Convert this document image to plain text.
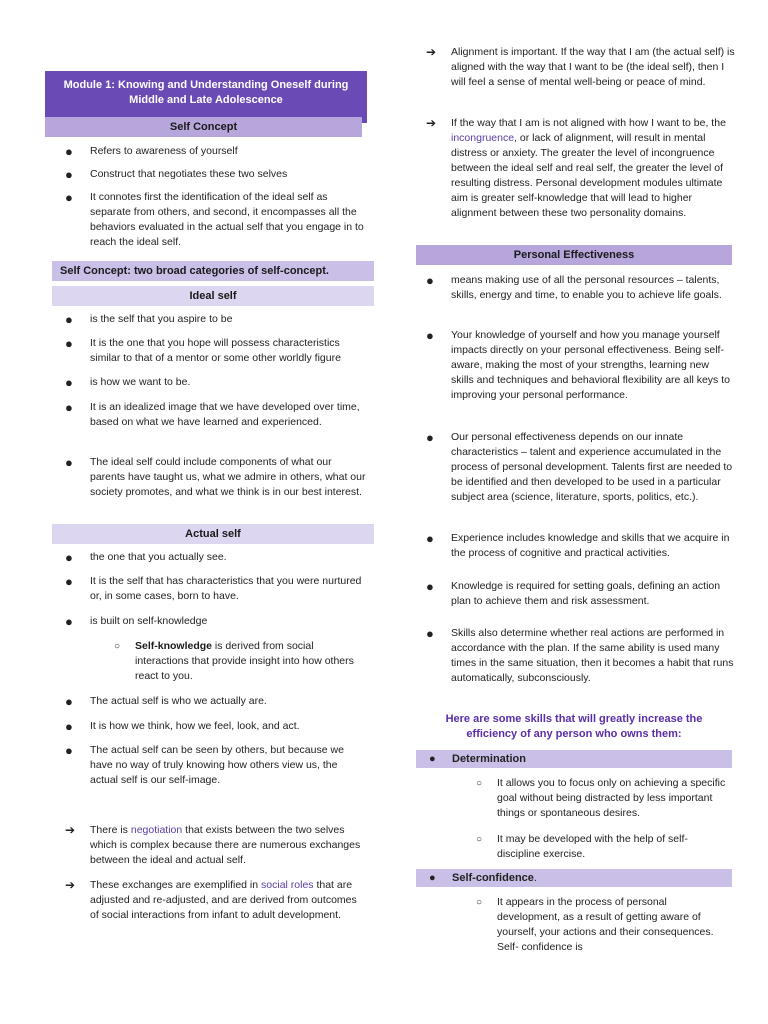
Module 1: Knowing and Understanding Oneself during Middle and Late Adolescence
Self Concept
● Refers to awareness of yourself
● Construct that negotiates these two selves
● It connotes first the identification of the ideal self as separate from others, and second, it encompasses all the behaviors evaluated in the actual self that you engage in to reach the ideal self.
Self Concept: two broad categories of self-concept.
Ideal self
● is the self that you aspire to be
● It is the one that you hope will possess characteristics similar to that of a mentor or some other worldly figure
● is how we want to be.
● It is an idealized image that we have developed over time, based on what we have learned and experienced.
● The ideal self could include components of what our parents have taught us, what we admire in others, what our society promotes, and what we think is in our best interest.
Actual self
● the one that you actually see.
● It is the self that has characteristics that you were nurtured or, in some cases, born to have.
● is built on self-knowledge
○ Self-knowledge is derived from social interactions that provide insight into how others react to you.
● The actual self is who we actually are.
● It is how we think, how we feel, look, and act.
● The actual self can be seen by others, but because we have no way of truly knowing how others view us, the actual self is our self-image.
➔ There is negotiation that exists between the two selves which is complex because there are numerous exchanges between the ideal and actual self.
➔ These exchanges are exemplified in social roles that are adjusted and re-adjusted, and are derived from outcomes of social interactions from infant to adult development.
➔ Alignment is important. If the way that I am (the actual self) is aligned with the way that I want to be (the ideal self), then I will feel a sense of mental well-being or peace of mind.
➔ If the way that I am is not aligned with how I want to be, the incongruence, or lack of alignment, will result in mental distress or anxiety. The greater the level of incongruence between the ideal self and real self, the greater the level of resulting distress. Personal development modules ultimate aim is greater self-knowledge that will lead to higher alignment between these two personality domains.
Personal Effectiveness
● means making use of all the personal resources – talents, skills, energy and time, to enable you to achieve life goals.
● Your knowledge of yourself and how you manage yourself impacts directly on your personal effectiveness. Being self-aware, making the most of your strengths, learning new skills and techniques and behavioral flexibility are all keys to improving your personal performance.
● Our personal effectiveness depends on our innate characteristics – talent and experience accumulated in the process of personal development. Talents first are needed to be identified and then developed to be used in a particular subject area (science, literature, sports, politics, etc.).
● Experience includes knowledge and skills that we acquire in the process of cognitive and practical activities.
● Knowledge is required for setting goals, defining an action plan to achieve them and risk assessment.
● Skills also determine whether real actions are performed in accordance with the plan. If the same ability is used many times in the same situation, then it becomes a habit that runs automatically, subconsciously.
Here are some skills that will greatly increase the efficiency of any person who owns them:
● Determination
○ It allows you to focus only on achieving a specific goal without being distracted by less important things or spontaneous desires.
○ It may be developed with the help of self-discipline exercise.
● Self-confidence.
○ It appears in the process of personal development, as a result of getting aware of yourself, your actions and their consequences. Self- confidence is
